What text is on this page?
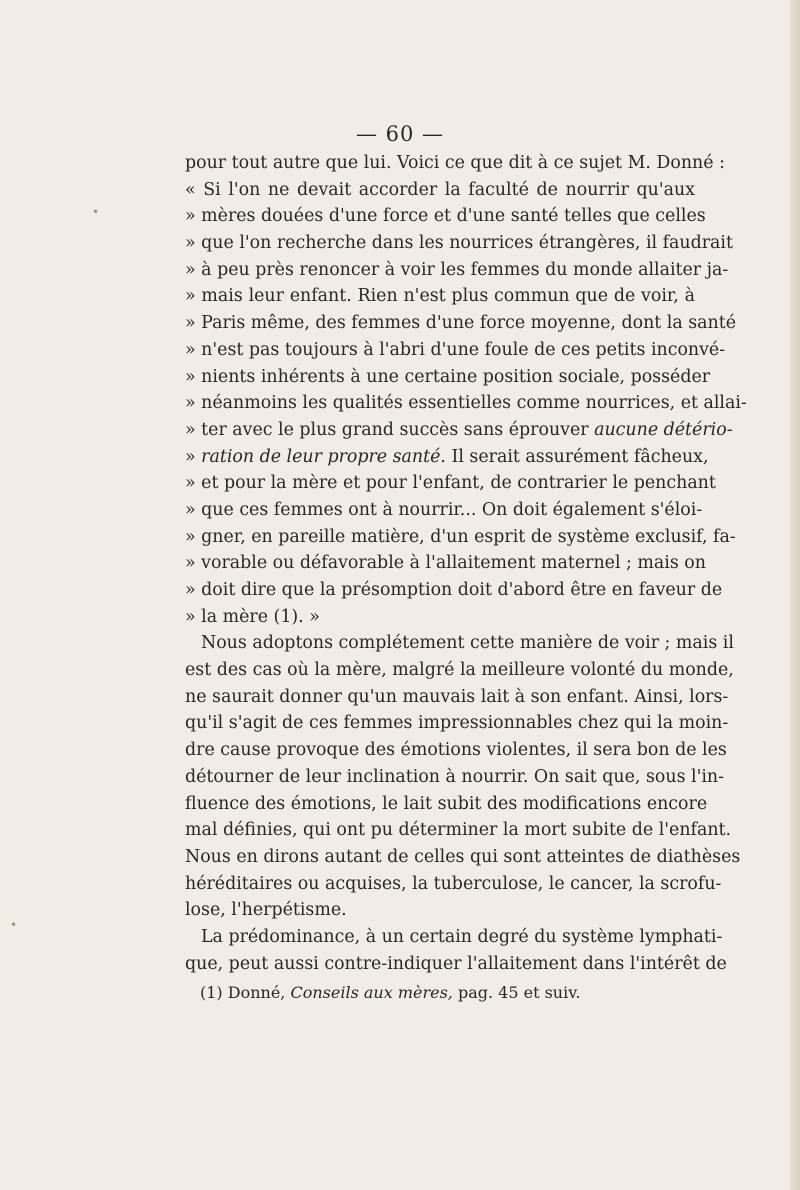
— 60 —
pour tout autre que lui. Voici ce que dit à ce sujet M. Donné :
« Si l'on ne devait accorder la faculté de nourrir qu'aux
» mères douées d'une force et d'une santé telles que celles
» que l'on recherche dans les nourrices étrangères, il faudrait
» à peu près renoncer à voir les femmes du monde allaiter ja-
» mais leur enfant. Rien n'est plus commun que de voir, à
» Paris même, des femmes d'une force moyenne, dont la santé
» n'est pas toujours à l'abri d'une foule de ces petits inconvé-
» nients inhérents à une certaine position sociale, posséder
» néanmoins les qualités essentielles comme nourrices, et allai-
» ter avec le plus grand succès sans éprouver aucune détério-
» ration de leur propre santé. Il serait assurément fâcheux,
» et pour la mère et pour l'enfant, de contrarier le penchant
» que ces femmes ont à nourrir... On doit également s'éloi-
» gner, en pareille matière, d'un esprit de système exclusif, fa-
» vorable ou défavorable à l'allaitement maternel ; mais on
» doit dire que la présomption doit d'abord être en faveur de
» la mère (1). »
Nous adoptons complétement cette manière de voir ; mais il
est des cas où la mère, malgré la meilleure volonté du monde,
ne saurait donner qu'un mauvais lait à son enfant. Ainsi, lors-
qu'il s'agit de ces femmes impressionnables chez qui la moin-
dre cause provoque des émotions violentes, il sera bon de les
détourner de leur inclination à nourrir. On sait que, sous l'in-
fluence des émotions, le lait subit des modifications encore
mal définies, qui ont pu déterminer la mort subite de l'enfant.
Nous en dirons autant de celles qui sont atteintes de diathèses
héréditaires ou acquises, la tuberculose, le cancer, la scrofu-
lose, l'herpétisme.
La prédominance, à un certain degré du système lymphati-
que, peut aussi contre-indiquer l'allaitement dans l'intérêt de
(1) Donné, Conseils aux mères, pag. 45 et suiv.
•
•
